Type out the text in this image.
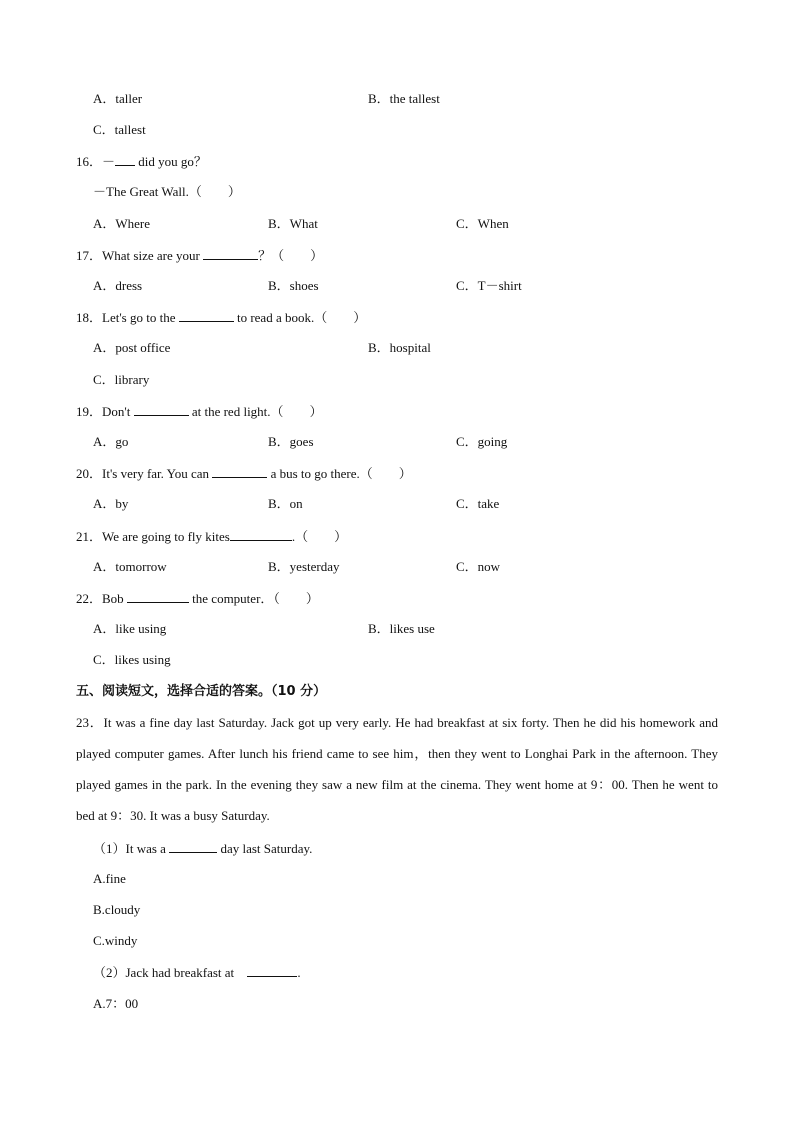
A．taller	B．the tallest
C．tallest
16．－ did you go？
－The Great Wall.（　　）
A．Where	B．What	C．When
17．What size are your	？（　　）
A．dress	B．shoes	C．T－shirt
18．Let's go to the	to read a book.（　　）
A．post office	B．hospital
C．library
19．Don't	at the red light.（　　）
A．go	B．goes	C．going
20．It's very far. You can	a bus to go there.（　　）
A．by	B．on	C．take
21．We are going to fly kites	.（　　）
A．tomorrow	B．yesterday	C．now
22．Bob	the computer．（　　）
A．like using	B．likes use
C．likes using
五、阅读短文，选择合适的答案。（10 分）
23．It was a fine day last Saturday. Jack got up very early. He had breakfast at six forty. Then he did his homework and played computer games. After lunch his friend came to see him，then they went to Longhai Park in the afternoon. They played games in the park. In the evening they saw a new film at the cinema. They went home at 9：00. Then he went to bed at 9：30. It was a busy Saturday.
（1）It was a	day last Saturday.
A.fine
B.cloudy
C.windy
（2）Jack had breakfast at	.
A.7：00
